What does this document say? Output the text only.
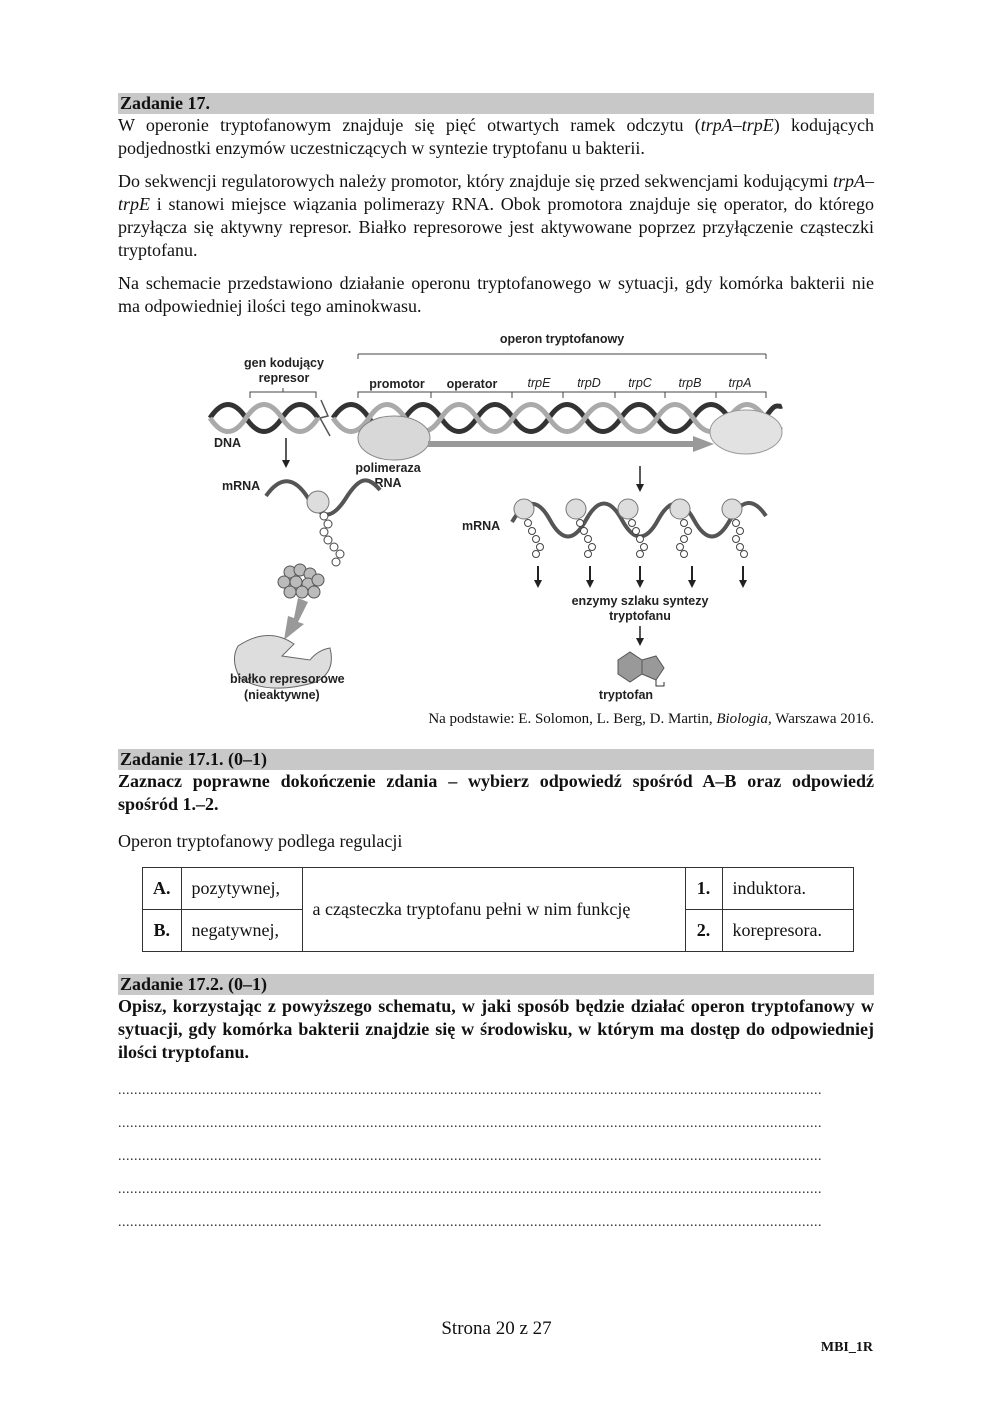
Zadanie 17.

W operonie tryptofanowym znajduje się pięć otwartych ramek odczytu (trpA–trpE) kodujących podjednostki enzymów uczestniczących w syntezie tryptofanu u bakterii.

Do sekwencji regulatorowych należy promotor, który znajduje się przed sekwencjami kodującymi trpA–trpE i stanowi miejsce wiązania polimerazy RNA. Obok promotora znajduje się operator, do którego przyłącza się aktywny represor. Białko represorowe jest aktywowane poprzez przyłączenie cząsteczki tryptofanu.

Na schemacie przedstawiono działanie operonu tryptofanowego w sytuacji, gdy komórka bakterii nie ma odpowiedniej ilości tego aminokwasu.

operon tryptofanowy
gen kodujący
represor	promotor operator trpE trpD trpC trpB trpA
DNA
polimeraza
RNA
mRNA
białko represorowe
(nieaktywne)
mRNA
enzymy szlaku syntezy
tryptofanu
tryptofan

Na podstawie: E. Solomon, L. Berg, D. Martin, Biologia, Warszawa 2016.

Zadanie 17.1. (0–1)

Zaznacz poprawne dokończenie zdania – wybierz odpowiedź spośród A–B oraz odpowiedź spośród 1.–2.

Operon tryptofanowy podlega regulacji

A.	pozytywnej,	a cząsteczka tryptofanu pełni w nim funkcję	1.	induktora.
B.	negatywnej,		2.	korepresora.
Zadanie 17.2. (0–1)

Opisz, korzystając z powyższego schematu, w jaki sposób będzie działać operon tryptofanowy w sytuacji, gdy komórka bakterii znajdzie się w środowisku, w którym ma dostęp do odpowiedniej ilości tryptofanu.

................................................................................................................................................................................
................................................................................................................................................................................
................................................................................................................................................................................
................................................................................................................................................................................
................................................................................................................................................................................
Strona 20 z 27
MBI_1R
